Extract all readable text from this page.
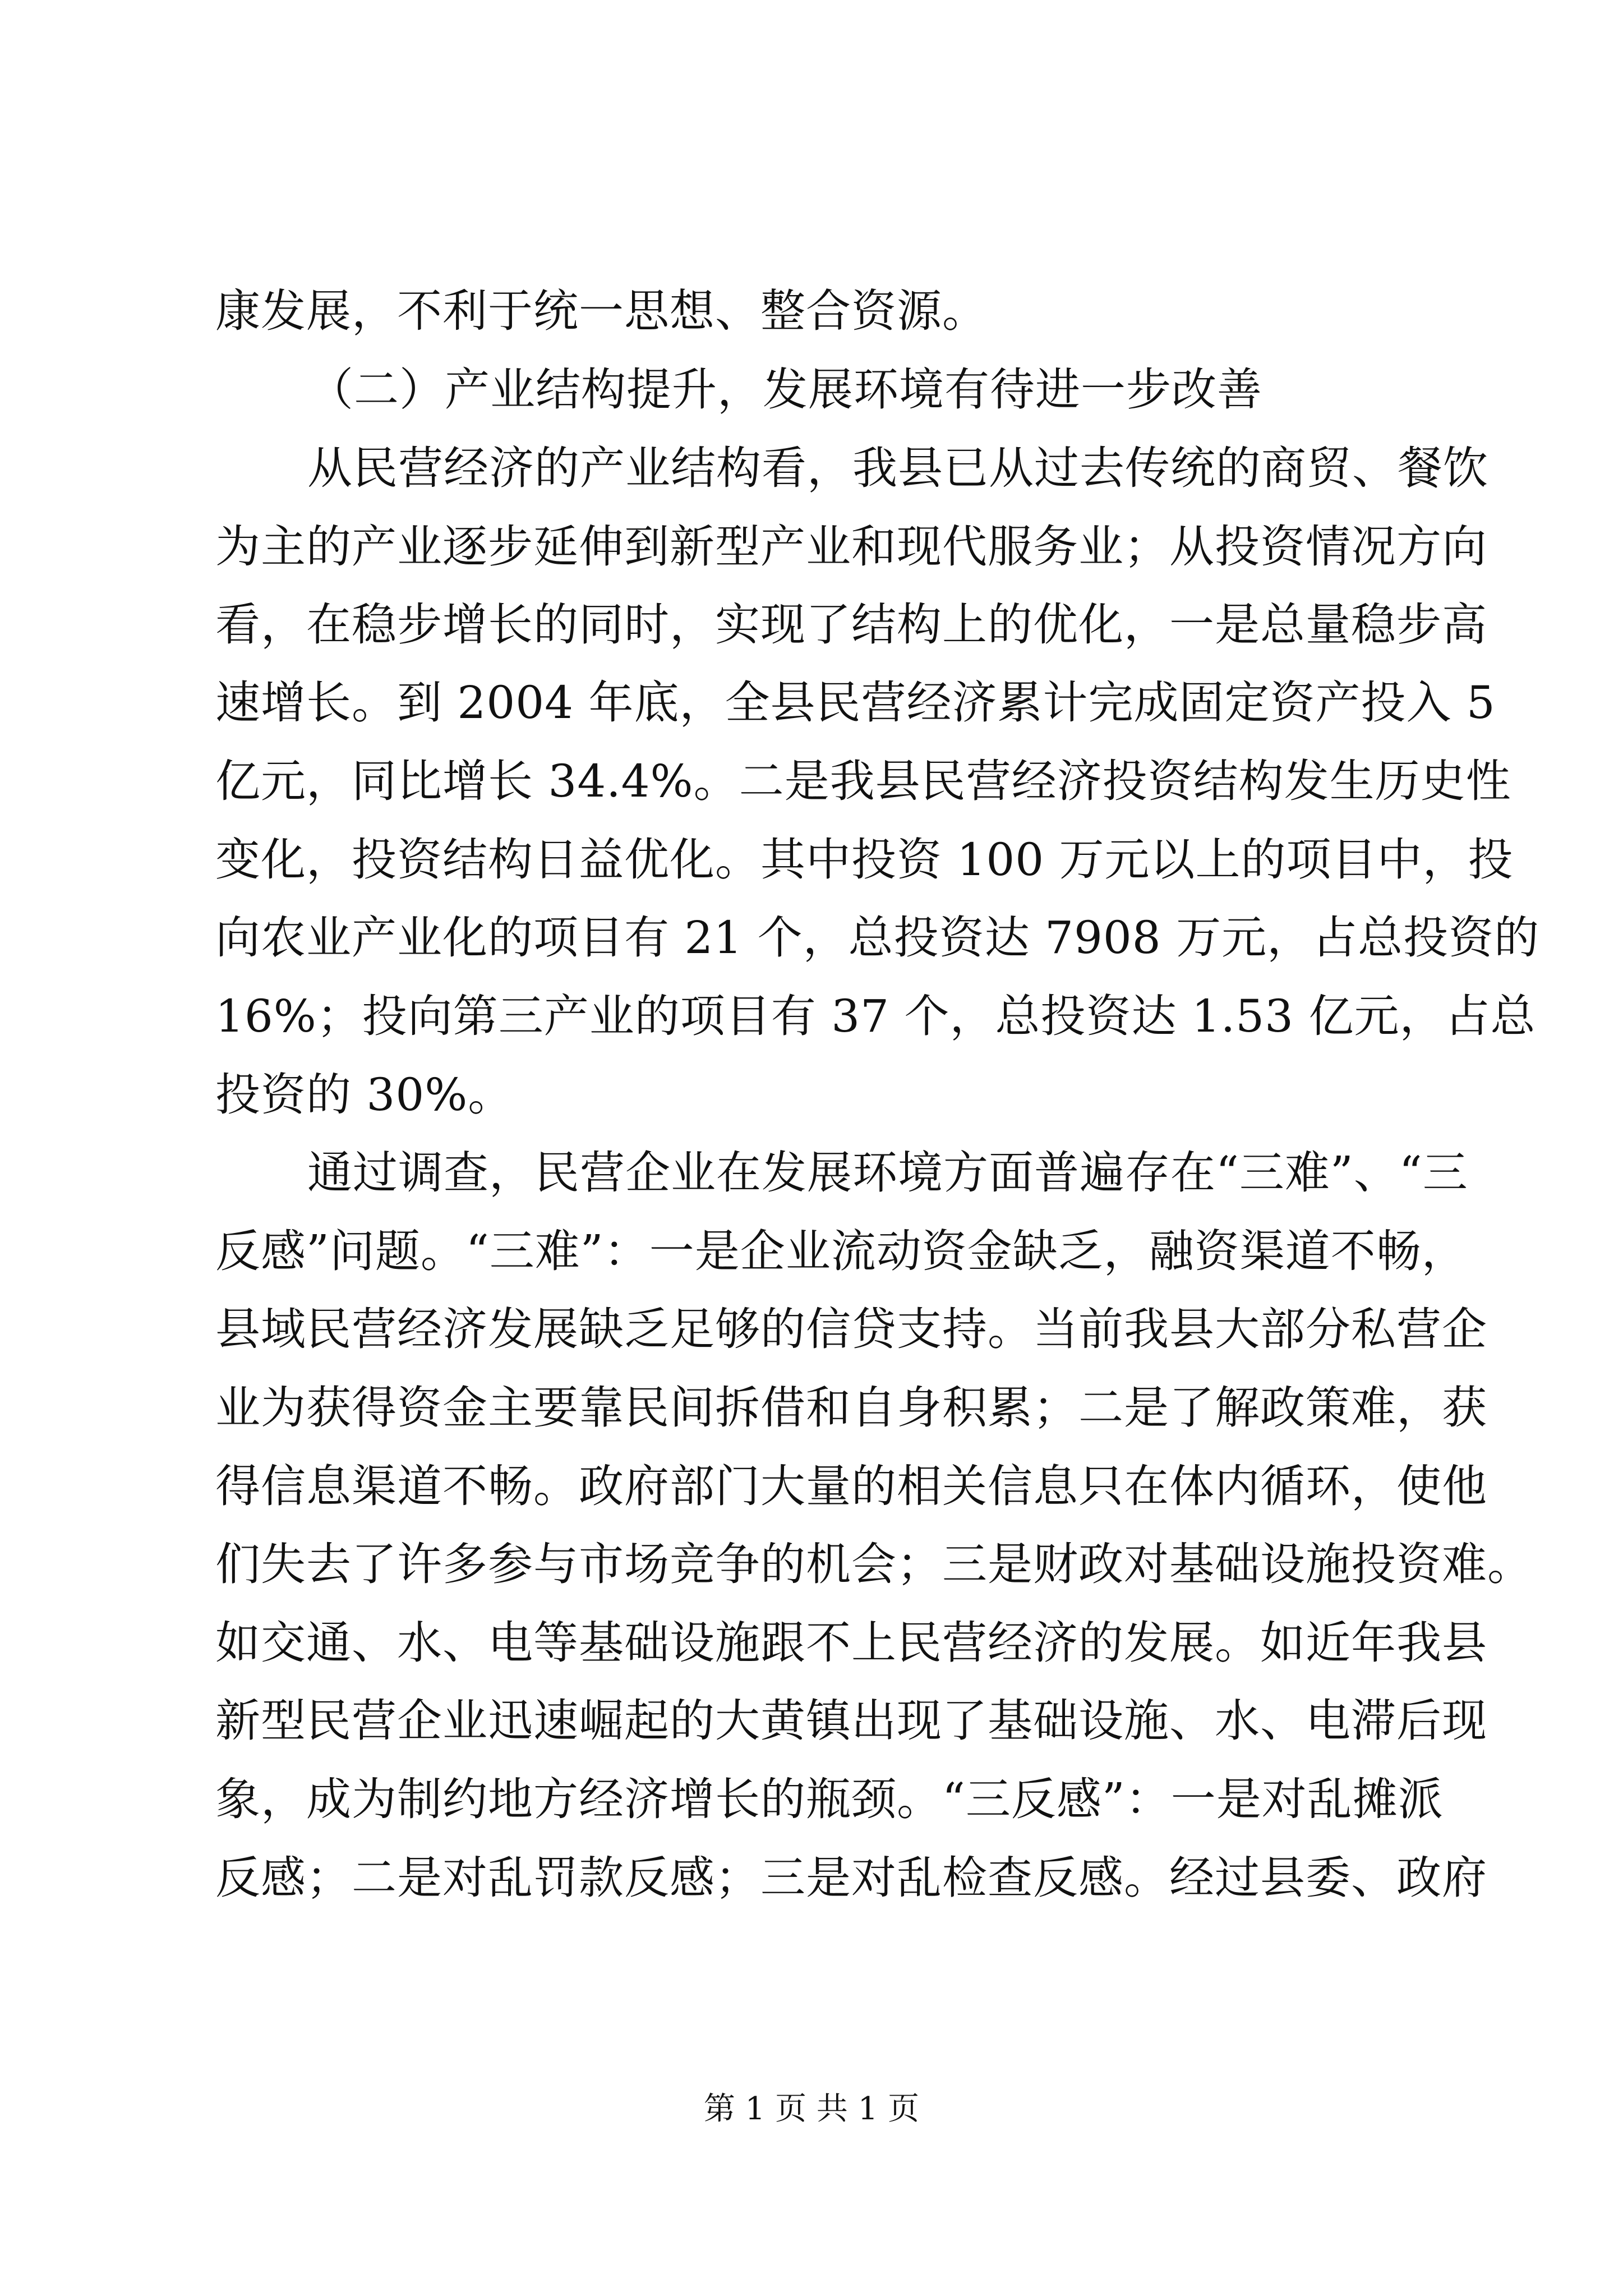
康发展，不利于统一思想、整合资源。
（二）产业结构提升，发展环境有待进一步改善
从民营经济的产业结构看，我县已从过去传统的商贸、餐饮
为主的产业逐步延伸到新型产业和现代服务业；从投资情况方向
看，在稳步增长的同时，实现了结构上的优化，一是总量稳步高
速增长。到 2004 年底，全县民营经济累计完成固定资产投入 5
亿元，同比增长 34.4%。二是我县民营经济投资结构发生历史性
变化，投资结构日益优化。其中投资 100 万元以上的项目中，投
向农业产业化的项目有 21 个，总投资达 7908 万元，占总投资的
16%；投向第三产业的项目有 37 个，总投资达 1.53 亿元，占总
投资的 30%。
通过调查，民营企业在发展环境方面普遍存在“三难”、“三
反感”问题。“三难”：一是企业流动资金缺乏，融资渠道不畅，
县域民营经济发展缺乏足够的信贷支持。当前我县大部分私营企
业为获得资金主要靠民间拆借和自身积累；二是了解政策难，获
得信息渠道不畅。政府部门大量的相关信息只在体内循环，使他
们失去了许多参与市场竞争的机会；三是财政对基础设施投资难。
如交通、水、电等基础设施跟不上民营经济的发展。如近年我县
新型民营企业迅速崛起的大黄镇出现了基础设施、水、电滞后现
象，成为制约地方经济增长的瓶颈。“三反感”：一是对乱摊派
反感；二是对乱罚款反感；三是对乱检查反感。经过县委、政府
第 1 页 共 1 页
